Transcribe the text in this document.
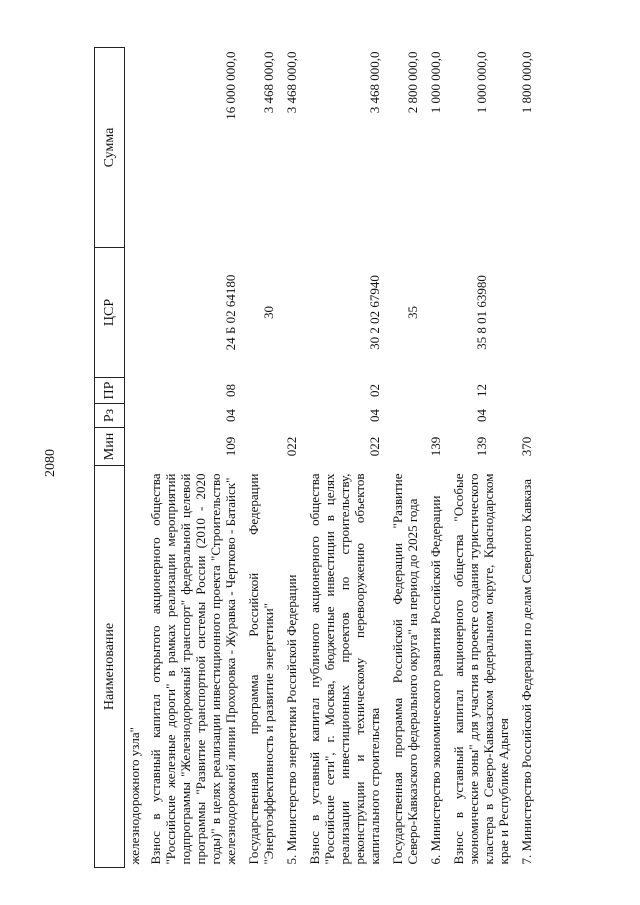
2080
Наименование	Мин	Рз	ПР	ЦСР	Сумма
железнодорожного узла"					
Взнос в уставный капитал открытого акционерного общества "Российские железные дороги" в рамках реализации мероприятий подпрограммы "Железнодорожный транспорт" федеральной целевой программы "Развитие транспортной системы России (2010 - 2020 годы)" в целях реализации инвестиционного проекта "Строительство железнодорожной линии Прохоровка - Журавка - Чертково - Батайск"	109	04	08	24 Б 02 64180	16 000 000,0
Государственная программа Российской Федерации "Энергоэффективность и развитие энергетики"				30	3 468 000,0
5. Министерство энергетики Российской Федерации	022				3 468 000,0
Взнос в уставный капитал публичного акционерного общества "Российские сети", г. Москва, бюджетные инвестиции в целях реализации инвестиционных проектов по строительству, реконструкции и техническому перевооружению объектов капитального строительства	022	04	02	30 2 02 67940	3 468 000,0
Государственная программа Российской Федерации "Развитие Северо-Кавказского федерального округа" на период до 2025 года				35	2 800 000,0
6. Министерство экономического развития Российской Федерации	139				1 000 000,0
Взнос в уставный капитал акционерного общества "Особые экономические зоны" для участия в проекте создания туристического кластера в Северо-Кавказском федеральном округе, Краснодарском крае и Республике Адыгея	139	04	12	35 8 01 63980	1 000 000,0
7. Министерство Российской Федерации по делам Северного Кавказа	370				1 800 000,0
